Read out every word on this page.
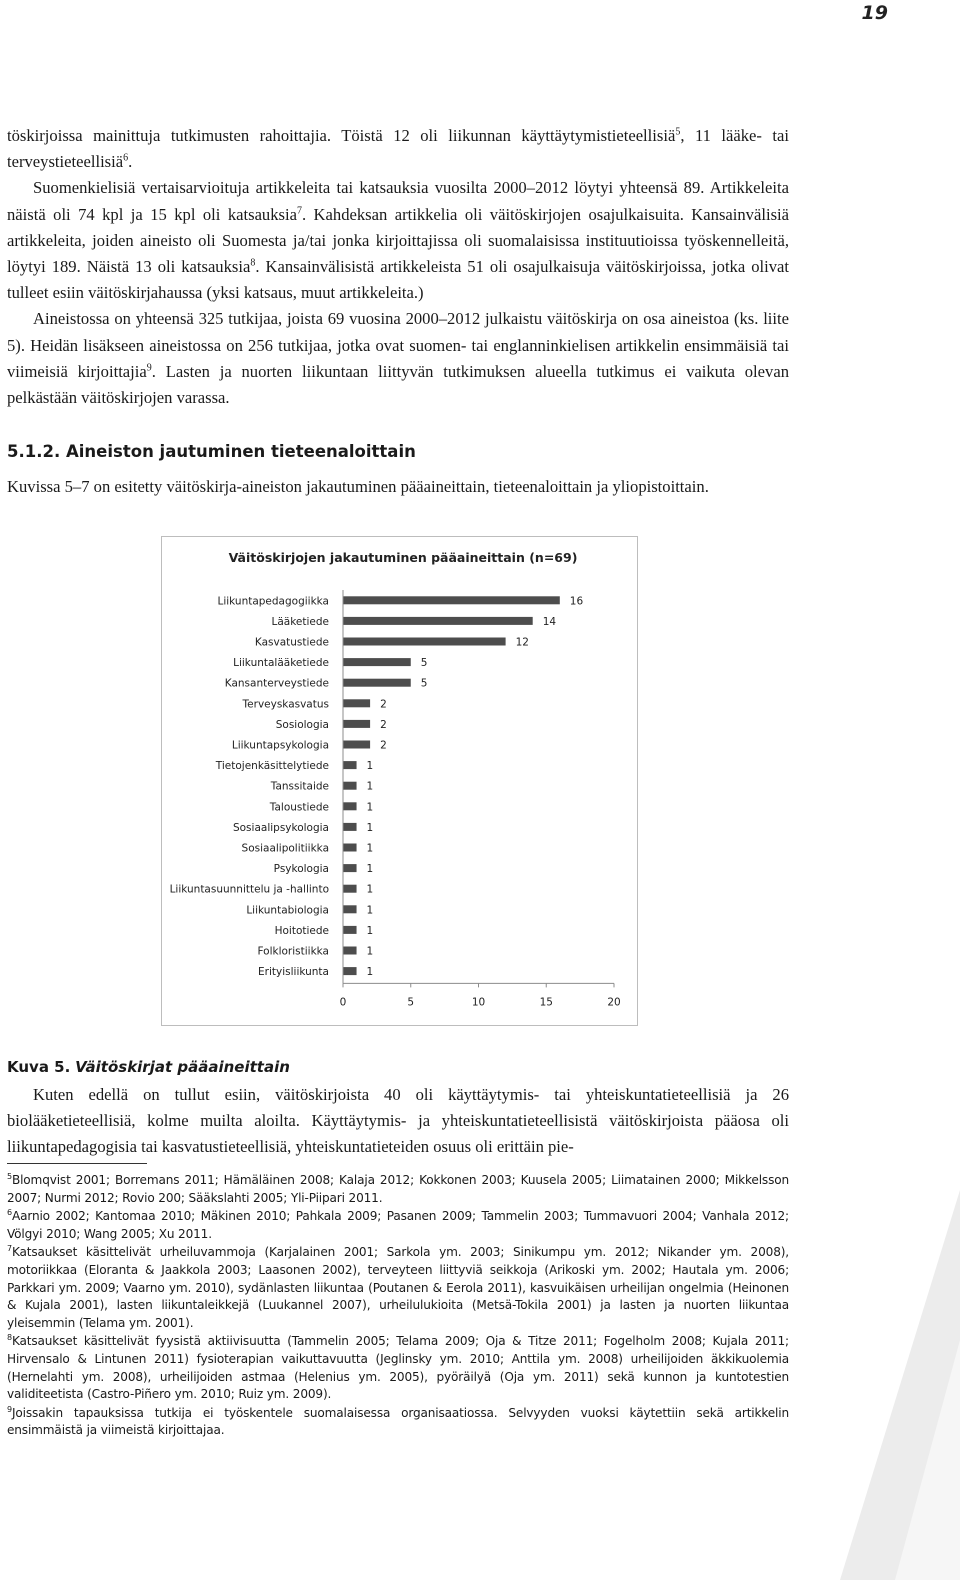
19

töskirjoissa mainittuja tutkimusten rahoittajia. Töistä 12 oli liikunnan käyttäytymistieteellisiä$^5$, 11 lääke- tai terveystieteellisiä$^6$.

Suomenkielisiä vertaisarvioituja artikkeleita tai katsauksia vuosilta 2000–2012 löytyi yhteensä 89. Artikkeleita näistä oli 74 kpl ja 15 kpl oli katsauksia$^7$. Kahdeksan artikkelia oli väitöskirjojen osajulkaisuita. Kansainvälisiä artikkeleita, joiden aineisto oli Suomesta ja/tai jonka kirjoittajissa oli suomalaisissa instituutioissa työskennelleitä, löytyi 189. Näistä 13 oli katsauksia$^8$. Kansainvälisistä artikkeleista 51 oli osajulkaisuja väitöskirjoissa, jotka olivat tulleet esiin väitöskirjahaussa (yksi katsaus, muut artikkeleita.)

Aineistossa on yhteensä 325 tutkijaa, joista 69 vuosina 2000–2012 julkaistu väitöskirja on osa aineistoa (ks. liite 5). Heidän lisäkseen aineistossa on 256 tutkijaa, jotka ovat suomen- tai englanninkielisen artikkelin ensimmäisiä tai viimeisiä kirjoittajia$^9$. Lasten ja nuorten liikuntaan liittyvän tutkimuksen alueella tutkimus ei vaikuta olevan pelkästään väitöskirjojen varassa.

5.1.2. Aineiston jautuminen tieteenaloittain

Kuvissa 5–7 on esitetty väitöskirja-aineiston jakautuminen pääaineittain, tieteenaloittain ja yliopistoittain.

Väitöskirjojen jakautuminen pääaineittain (n=69)
Liikuntapedagogiikka	16
Lääketiede	14
Kasvatustiede	12
Liikuntalääketiede	5
Kansanterveystiede	5
Terveyskasvatus	2
Sosiologia	2
Liikuntapsykologia	2
Tietojenkäsittelytiede	1
Tanssitaide	1
Taloustiede	1
Sosiaalipsykologia	1
Sosiaalipolitiikka	1
Psykologia	1
Liikuntasuunnittelu ja -hallinto	1
Liikuntabiologia	1
Hoitotiede	1
Folkloristiikka	1
Erityisliikunta	1
0	5	10	15	20
Kuva 5. Väitöskirjat pääaineittain

Kuten edellä on tullut esiin, väitöskirjoista 40 oli käyttäytymis- tai yhteiskuntatieteellisiä ja 26 biolääketieteellisiä, kolme muilta aloilta. Käyttäytymis- ja yhteiskuntatieteellisistä väitöskirjoista pääosa oli liikuntapedagogisia tai kasvatustieteellisiä, yhteiskuntatieteiden osuus oli erittäin pie-

$^5$Blomqvist 2001; Borremans 2011; Hämäläinen 2008; Kalaja 2012; Kokkonen 2003; Kuusela 2005; Liimatainen 2000; Mikkelsson 2007; Nurmi 2012; Rovio 200; Sääkslahti 2005; Yli-Piipari 2011.

$^6$Aarnio 2002; Kantomaa 2010; Mäkinen 2010; Pahkala 2009; Pasanen 2009; Tammelin 2003; Tummavuori 2004; Vanhala 2012; Völgyi 2010; Wang 2005; Xu 2011.

$^7$Katsaukset käsittelivät urheiluvammoja (Karjalainen 2001; Sarkola ym. 2003; Sinikumpu ym. 2012; Nikander ym. 2008), motoriikkaa (Eloranta & Jaakkola 2003; Laasonen 2002), terveyteen liittyviä seikkoja (Arikoski ym. 2002; Hautala ym. 2006; Parkkari ym. 2009; Vaarno ym. 2010), sydänlasten liikuntaa (Poutanen & Eerola 2011), kasvuikäisen urheilijan ongelmia (Heinonen & Kujala 2001), lasten liikuntaleikkejä (Luukannel 2007), urheilulukioita (Metsä-Tokila 2001) ja lasten ja nuorten liikuntaa yleisemmin (Telama ym. 2001).

$^8$Katsaukset käsittelivät fyysistä aktiivisuutta (Tammelin 2005; Telama 2009; Oja & Titze 2011; Fogelholm 2008; Kujala 2011; Hirvensalo & Lintunen 2011) fysioterapian vaikuttavuutta (Jeglinsky ym. 2010; Anttila ym. 2008) urheilijoiden äkkikuolemia (Hernelahti ym. 2008), urheilijoiden astmaa (Helenius ym. 2005), pyöräilyä (Oja ym. 2011) sekä kunnon ja kuntotestien validiteetista (Castro-Piñero ym. 2010; Ruiz ym. 2009).

$^9$Joissakin tapauksissa tutkija ei työskentele suomalaisessa organisaatiossa. Selvyyden vuoksi käytettiin sekä artikkelin ensimmäistä ja viimeistä kirjoittajaa.
